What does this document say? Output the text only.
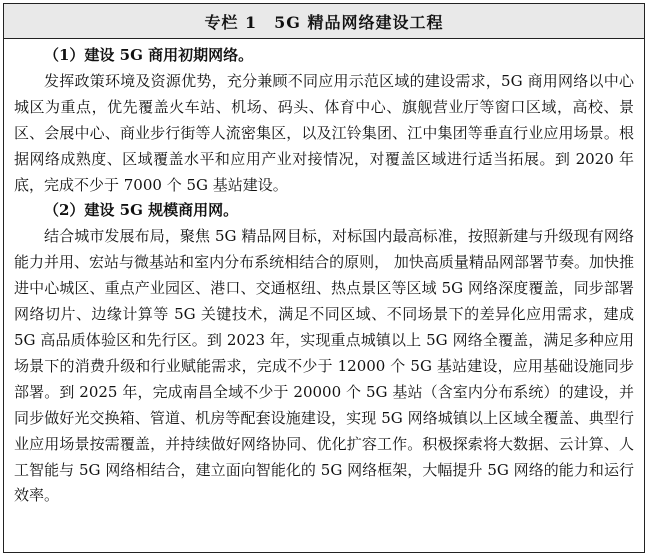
专栏 1　5G 精品网络建设工程
（1）建设 5G 商用初期网络。

发挥政策环境及资源优势，充分兼顾不同应用示范区域的建设需求，5G 商用网络以中心城区为重点，优先覆盖火车站、机场、码头、体育中心、旗舰营业厅等窗口区域，高校、景区、会展中心、商业步行街等人流密集区，以及江铃集团、江中集团等垂直行业应用场景。根据网络成熟度、区域覆盖水平和应用产业对接情况，对覆盖区域进行适当拓展。到 2020 年底，完成不少于 7000 个 5G 基站建设。

（2）建设 5G 规模商用网。

结合城市发展布局，聚焦 5G 精品网目标，对标国内最高标准，按照新建与升级现有网络能力并用、宏站与微基站和室内分布系统相结合的原则， 加快高质量精品网部署节奏。加快推进中心城区、重点产业园区、港口、交通枢纽、热点景区等区域 5G 网络深度覆盖，同步部署网络切片、边缘计算等 5G 关键技术，满足不同区域、不同场景下的差异化应用需求，建成 5G 高品质体验区和先行区。到 2023 年，实现重点城镇以上 5G 网络全覆盖，满足多种应用场景下的消费升级和行业赋能需求，完成不少于 12000 个 5G 基站建设，应用基础设施同步部署。到 2025 年，完成南昌全域不少于 20000 个 5G 基站（含室内分布系统）的建设，并同步做好光交换箱、管道、机房等配套设施建设，实现 5G 网络城镇以上区域全覆盖、典型行业应用场景按需覆盖，并持续做好网络协同、优化扩容工作。积极探索将大数据、云计算、人工智能与 5G 网络相结合，建立面向智能化的 5G 网络框架，大幅提升 5G 网络的能力和运行效率。
